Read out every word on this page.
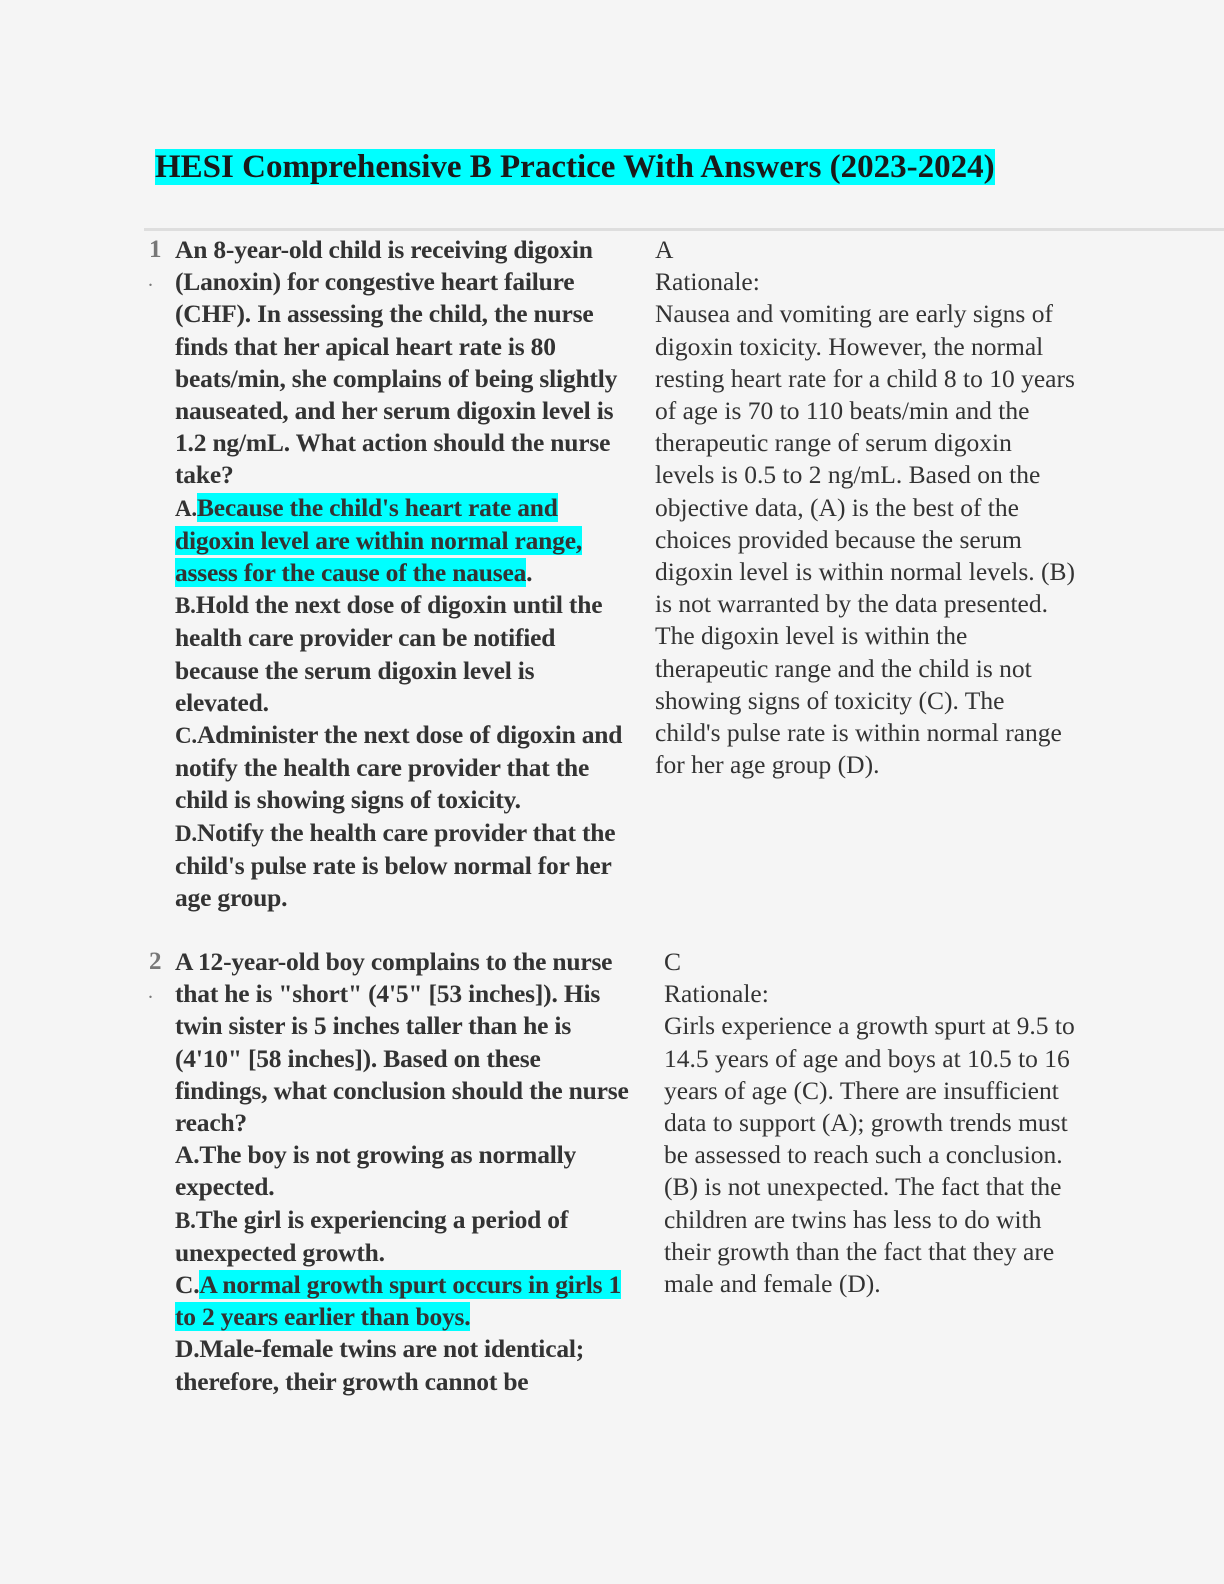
HESI Comprehensive B Practice With Answers (2023-2024)
1
.

An 8-year-old child is receiving digoxin (Lanoxin) for congestive heart failure (CHF). In assessing the child, the nurse finds that her apical heart rate is 80 beats/min, she complains of being slightly nauseated, and her serum digoxin level is 1.2 ng/mL. What action should the nurse take?

A.Because the child's heart rate and digoxin level are within normal range, assess for the cause of the nausea.
B.Hold the next dose of digoxin until the health care provider can be notified because the serum digoxin level is elevated.
C.Administer the next dose of digoxin and notify the health care provider that the child is showing signs of toxicity.
D.Notify the health care provider that the child's pulse rate is below normal for her age group.

A

Rationale:

Nausea and vomiting are early signs of digoxin toxicity. However, the normal resting heart rate for a child 8 to 10 years of age is 70 to 110 beats/min and the therapeutic range of serum digoxin levels is 0.5 to 2 ng/mL. Based on the objective data, (A) is the best of the choices provided because the serum digoxin level is within normal levels. (B) is not warranted by the data presented. The digoxin level is within the therapeutic range and the child is not showing signs of toxicity (C). The child's pulse rate is within normal range for her age group (D).

2
.

A 12-year-old boy complains to the nurse that he is "short" (4'5" [53 inches]). His twin sister is 5 inches taller than he is (4'10" [58 inches]). Based on these findings, what conclusion should the nurse reach?

A.The boy is not growing as normally expected.
B.The girl is experiencing a period of unexpected growth.
C.A normal growth spurt occurs in girls 1 to 2 years earlier than boys.
D.Male-female twins are not identical; therefore, their growth cannot be

C

Rationale:

Girls experience a growth spurt at 9.5 to 14.5 years of age and boys at 10.5 to 16 years of age (C). There are insufficient data to support (A); growth trends must be assessed to reach such a conclusion. (B) is not unexpected. The fact that the children are twins has less to do with their growth than the fact that they are male and female (D).
